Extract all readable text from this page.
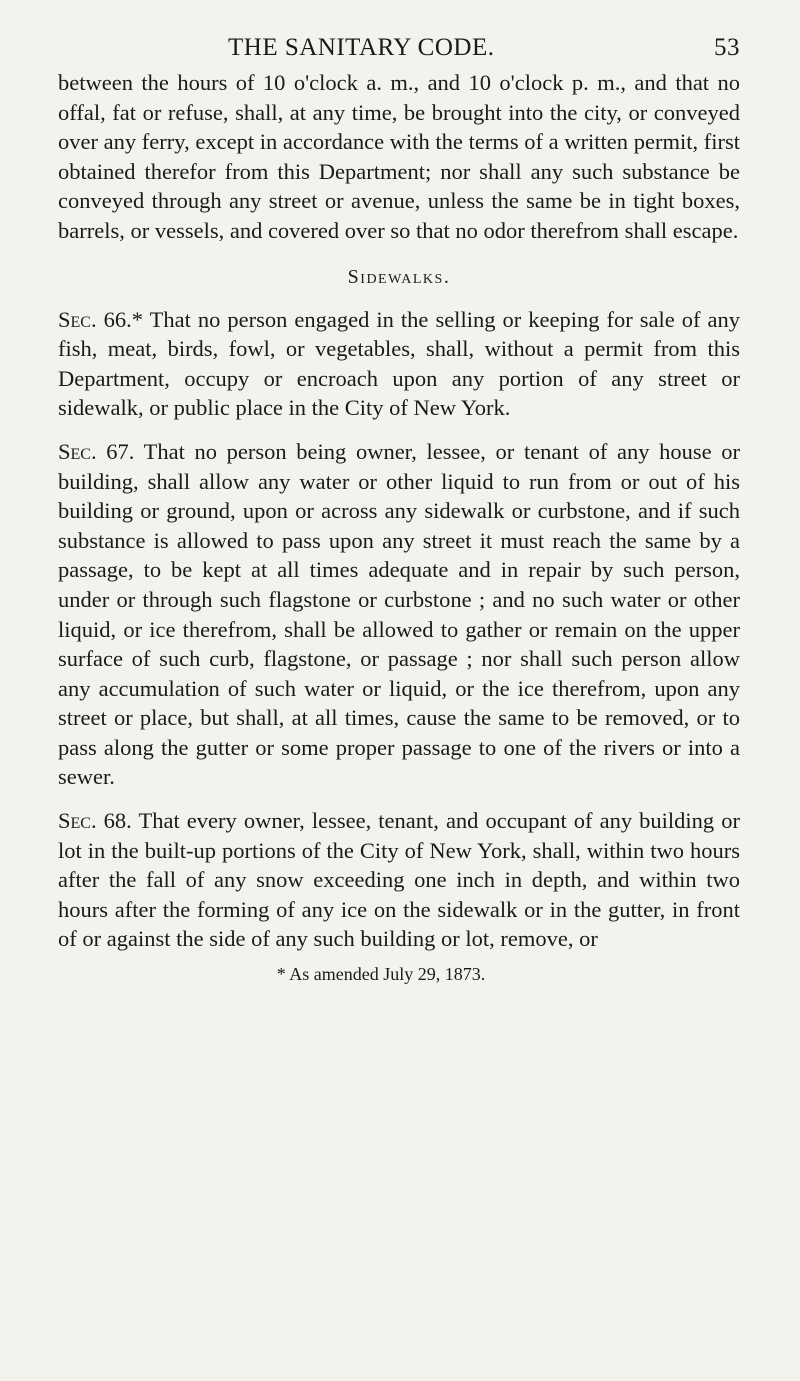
THE SANITARY CODE.	53

between the hours of 10 o'clock a. m., and 10 o'clock p. m., and that no offal, fat or refuse, shall, at any time, be brought into the city, or conveyed over any ferry, except in accordance with the terms of a written permit, first obtained therefor from this Department; nor shall any such substance be conveyed through any street or avenue, unless the same be in tight boxes, barrels, or vessels, and covered over so that no odor therefrom shall escape.

Sidewalks.

Sec. 66.* That no person engaged in the selling or keeping for sale of any fish, meat, birds, fowl, or vegetables, shall, without a permit from this Department, occupy or encroach upon any portion of any street or sidewalk, or public place in the City of New York.

Sec. 67. That no person being owner, lessee, or tenant of any house or building, shall allow any water or other liquid to run from or out of his building or ground, upon or across any sidewalk or curbstone, and if such substance is allowed to pass upon any street it must reach the same by a passage, to be kept at all times adequate and in repair by such person, under or through such flagstone or curbstone ; and no such water or other liquid, or ice therefrom, shall be allowed to gather or remain on the upper surface of such curb, flagstone, or passage ; nor shall such person allow any accumulation of such water or liquid, or the ice therefrom, upon any street or place, but shall, at all times, cause the same to be removed, or to pass along the gutter or some proper passage to one of the rivers or into a sewer.

Sec. 68. That every owner, lessee, tenant, and occupant of any building or lot in the built-up portions of the City of New York, shall, within two hours after the fall of any snow exceeding one inch in depth, and within two hours after the forming of any ice on the sidewalk or in the gutter, in front of or against the side of any such building or lot, remove, or

* As amended July 29, 1873.
